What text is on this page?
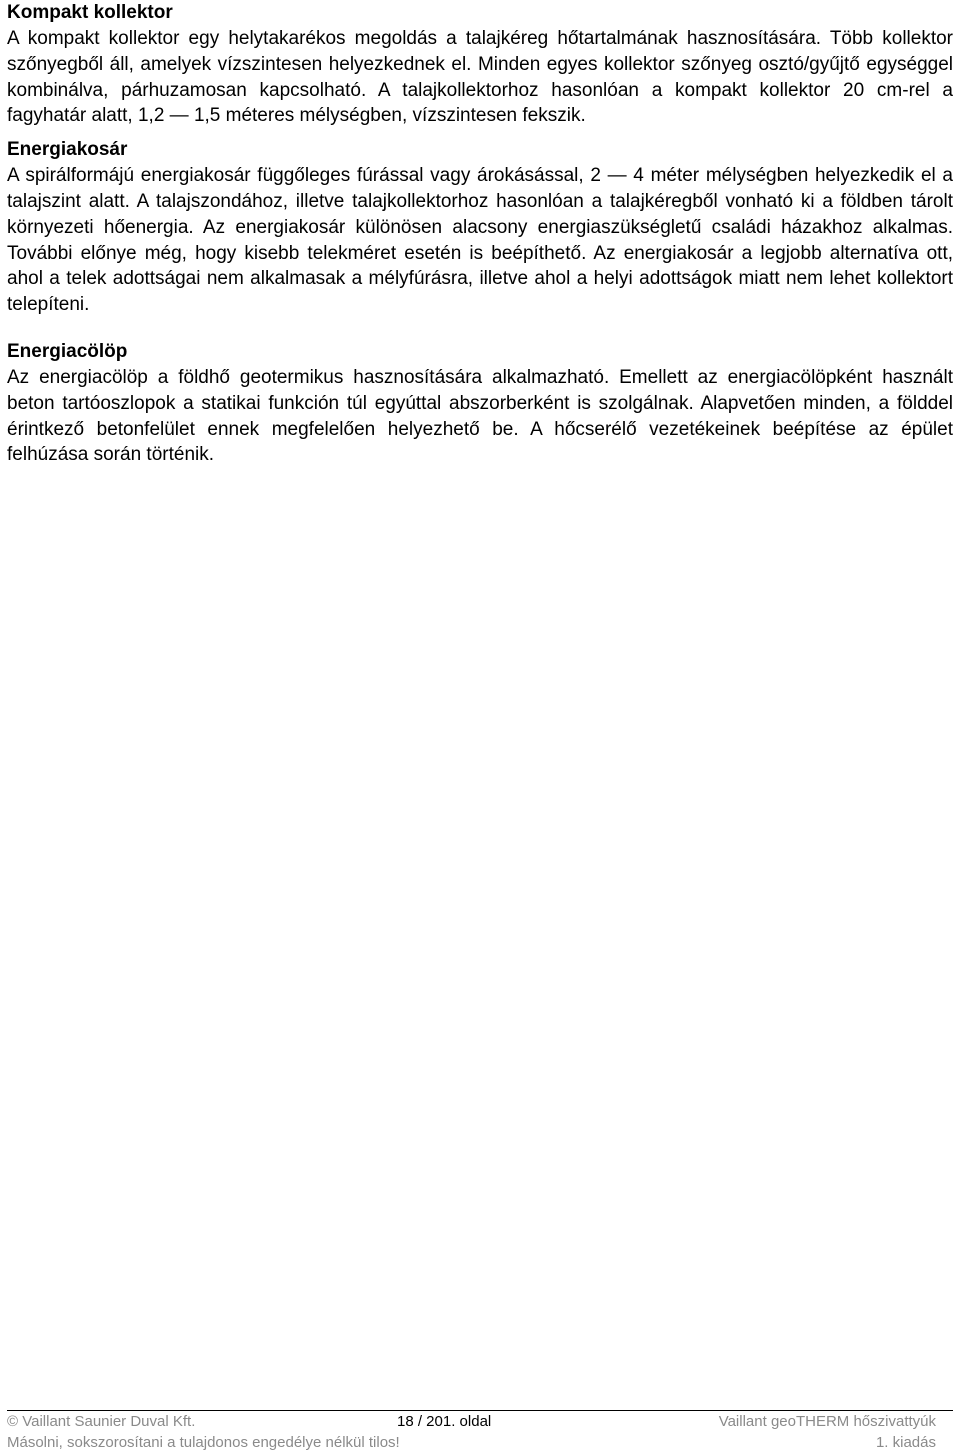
Kompakt kollektor

A kompakt kollektor egy helytakarékos megoldás a talajkéreg hőtartalmának hasznosítására. Több kollektor szőnyegből áll, amelyek vízszintesen helyezkednek el. Minden egyes kollektor szőnyeg osztó/gyűjtő egységgel kombinálva, párhuzamosan kapcsolható. A talajkollektorhoz hasonlóan a kompakt kollektor 20 cm-rel a fagyhatár alatt, 1,2 — 1,5 méteres mélységben, vízszintesen fekszik.

Energiakosár

A spirálformájú energiakosár függőleges fúrással vagy árokásással, 2 — 4 méter mélységben helyezkedik el a talajszint alatt. A talajszondához, illetve talajkollektorhoz hasonlóan a talajkéregből vonható ki a földben tárolt környezeti hőenergia. Az energiakosár különösen alacsony energiaszükségletű családi házakhoz alkalmas. További előnye még, hogy kisebb telekméret esetén is beépíthető. Az energiakosár a legjobb alternatíva ott, ahol a telek adottságai nem alkalmasak a mélyfúrásra, illetve ahol a helyi adottságok miatt nem lehet kollektort telepíteni.

Energiacölöp

Az energiacölöp a földhő geotermikus hasznosítására alkalmazható. Emellett az energiacölöpként használt beton tartóoszlopok a statikai funkción túl egyúttal abszorberként is szolgálnak. Alapvetően minden, a földdel érintkező betonfelület ennek megfelelően helyezhető be. A hőcserélő vezetékeinek beépítése az épület felhúzása során történik.

© Vaillant Saunier Duval Kft.	18 / 201. oldal	Vaillant geoTHERM hőszivattyúk
Másolni, sokszorosítani a tulajdonos engedélye nélkül tilos!	1. kiadás
